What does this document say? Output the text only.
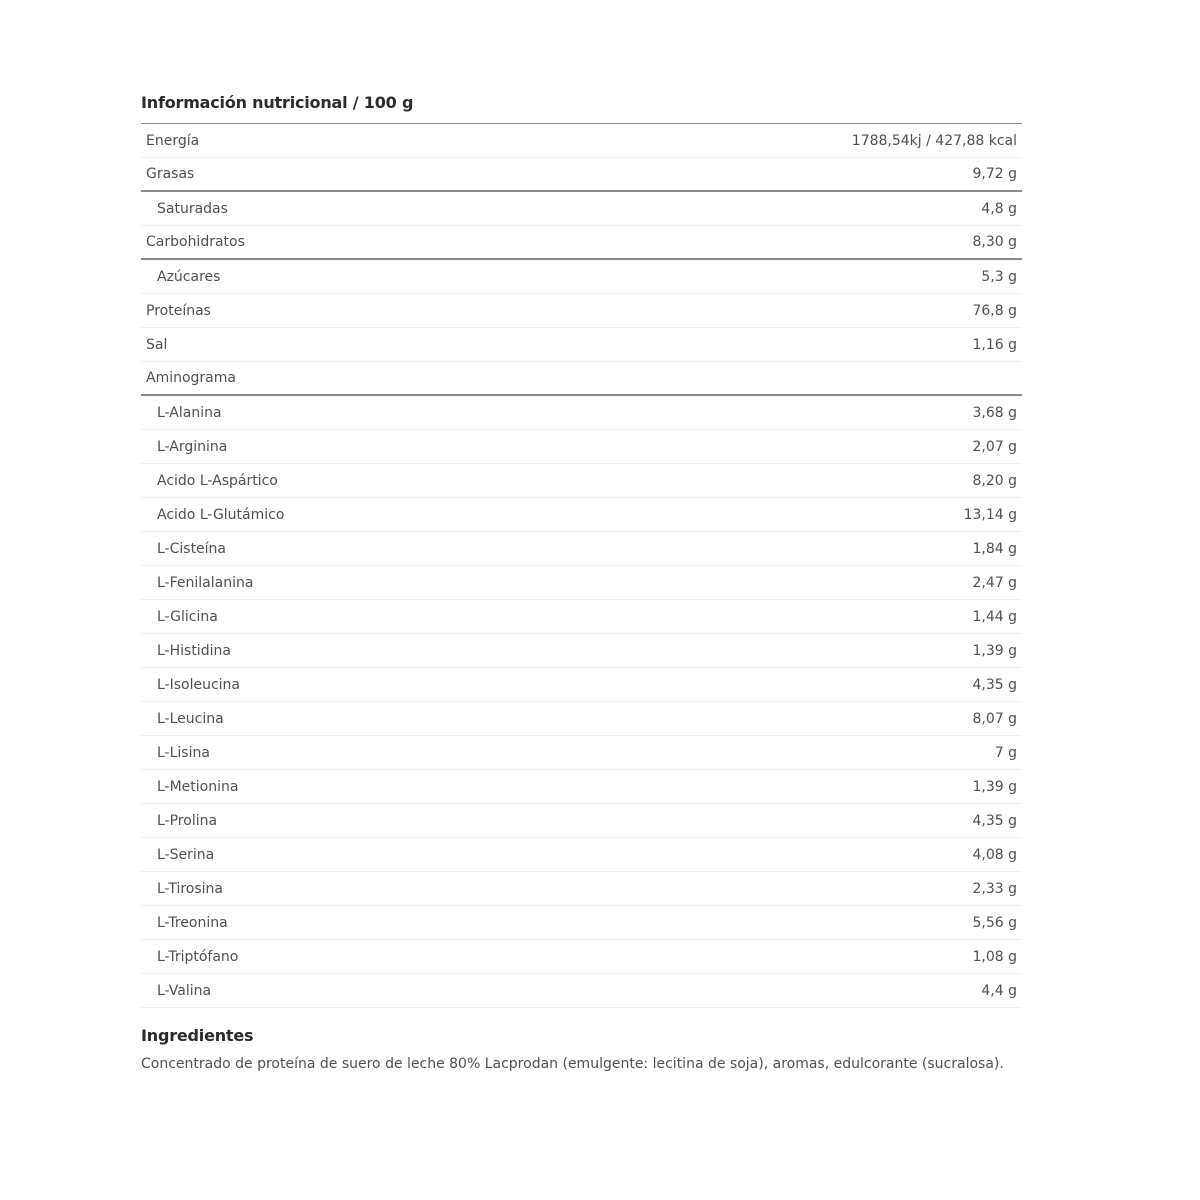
Información nutricional / 100 g
Energía	1788,54kj / 427,88 kcal
Grasas	9,72 g
Saturadas	4,8 g
Carbohidratos	8,30 g
Azúcares	5,3 g
Proteínas	76,8 g
Sal	1,16 g
Aminograma
L-Alanina	3,68 g
L-Arginina	2,07 g
Acido L-Aspártico	8,20 g
Acido L-Glutámico	13,14 g
L-Cisteína	1,84 g
L-Fenilalanina	2,47 g
L-Glicina	1,44 g
L-Histidina	1,39 g
L-Isoleucina	4,35 g
L-Leucina	8,07 g
L-Lisina	7 g
L-Metionina	1,39 g
L-Prolina	4,35 g
L-Serina	4,08 g
L-Tirosina	2,33 g
L-Treonina	5,56 g
L-Triptófano	1,08 g
L-Valina	4,4 g
Ingredientes

Concentrado de proteína de suero de leche 80% Lacprodan (emulgente: lecitina de soja), aromas, edulcorante (sucralosa).
